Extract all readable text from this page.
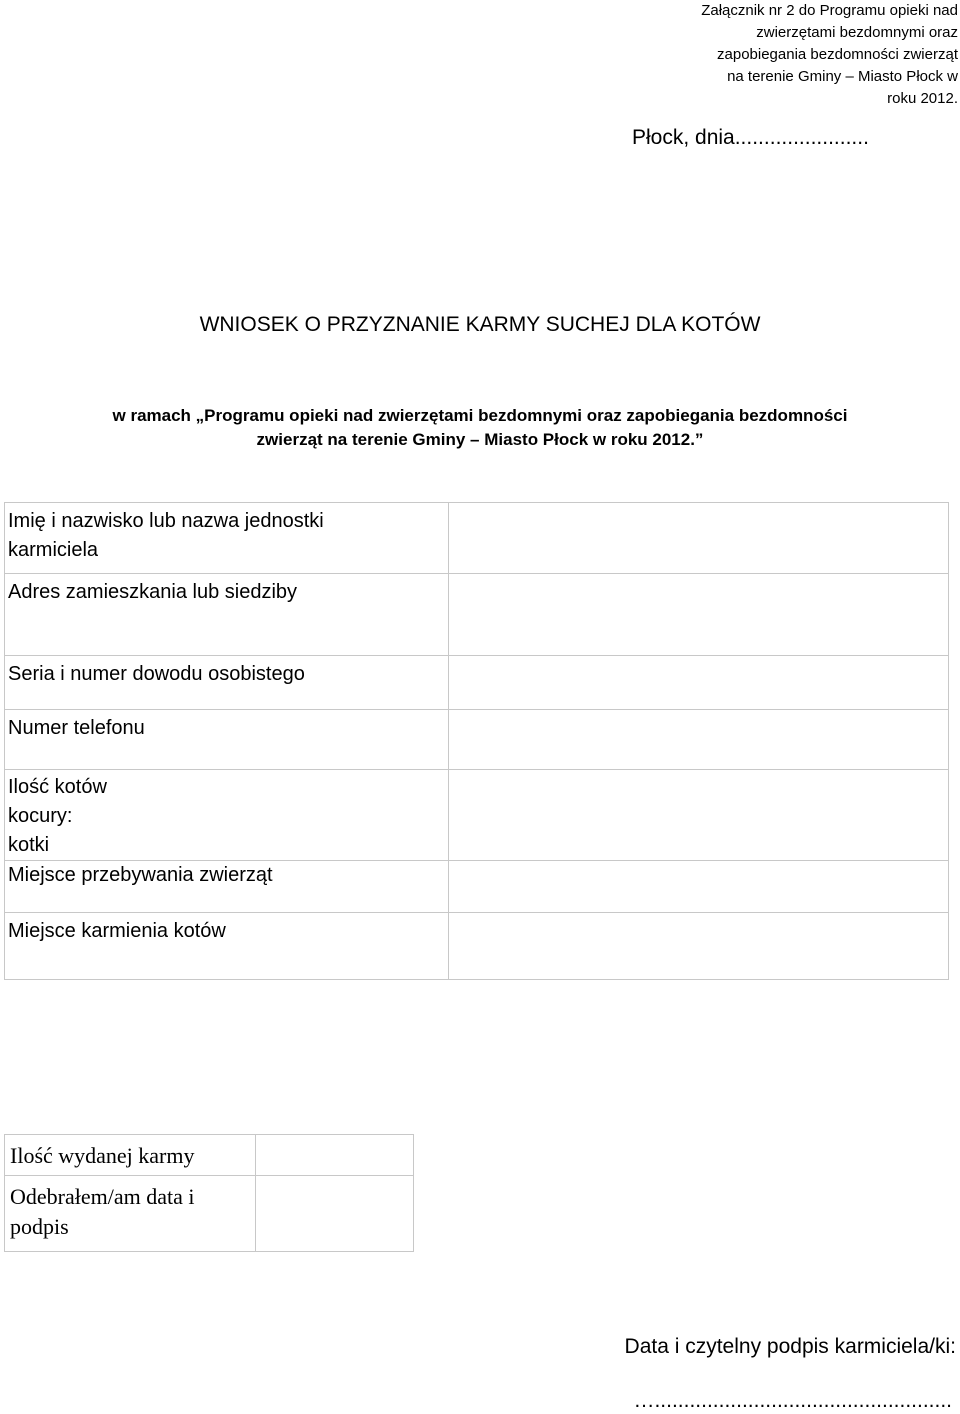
Załącznik nr 2 do Programu opieki nad
zwierzętami bezdomnymi oraz
zapobiegania bezdomności zwierząt
na terenie Gminy – Miasto Płock w
roku 2012.
Płock, dnia.......................
WNIOSEK O PRZYZNANIE KARMY SUCHEJ DLA KOTÓW
w ramach „Programu opieki nad zwierzętami bezdomnymi oraz zapobiegania bezdomności
zwierząt na terenie Gminy – Miasto Płock w roku 2012.”
Imię i nazwisko lub nazwa jednostki
karmiciela	

Adres zamieszkania lub siedziby	
Seria i numer dowodu osobistego	
Numer telefonu	

Ilość kotów
kocury:
kotki	

Miejsce przebywania zwierząt	
Miejsce karmienia kotów	
Ilość wydanej karmy	

Odebrałem/am data i
podpis	

Data i czytelny podpis karmiciela/ki:
…...................................................
